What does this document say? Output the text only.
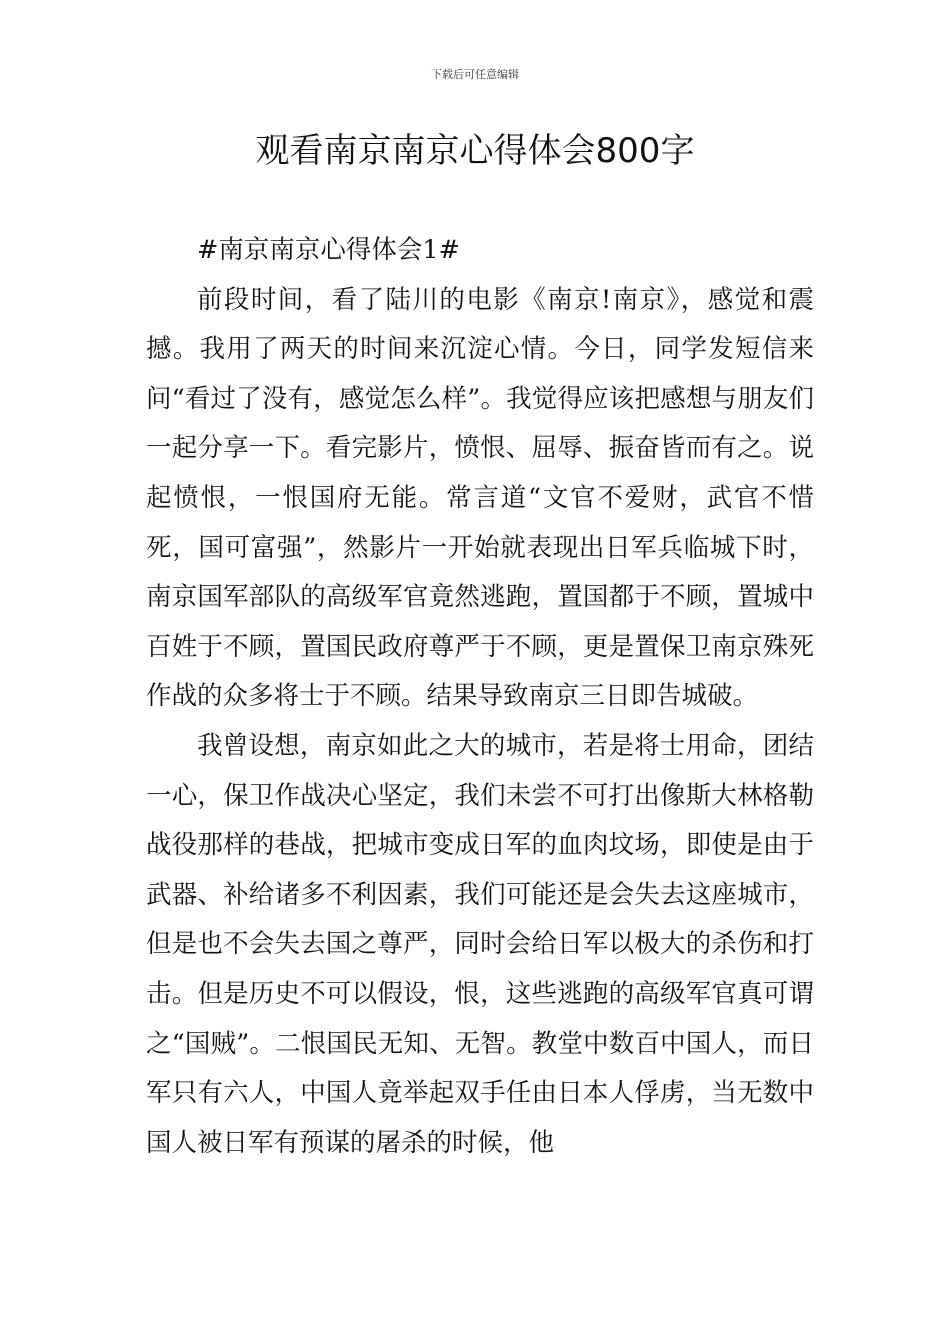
下载后可任意编辑
观看南京南京心得体会800字

#南京南京心得体会1#

前段时间，看了陆川的电影《南京!南京》，感觉和震撼。我用了两天的时间来沉淀心情。今日，同学发短信来问“看过了没有，感觉怎么样”。我觉得应该把感想与朋友们一起分享一下。看完影片，愤恨、屈辱、振奋皆而有之。说起愤恨，一恨国府无能。常言道“文官不爱财，武官不惜死，国可富强”，然影片一开始就表现出日军兵临城下时，南京国军部队的高级军官竟然逃跑，置国都于不顾，置城中百姓于不顾，置国民政府尊严于不顾，更是置保卫南京殊死作战的众多将士于不顾。结果导致南京三日即告城破。

我曾设想，南京如此之大的城市，若是将士用命，团结一心，保卫作战决心坚定，我们未尝不可打出像斯大林格勒战役那样的巷战，把城市变成日军的血肉坟场，即使是由于武器、补给诸多不利因素，我们可能还是会失去这座城市，但是也不会失去国之尊严，同时会给日军以极大的杀伤和打击。但是历史不可以假设，恨，这些逃跑的高级军官真可谓之“国贼”。二恨国民无知、无智。教堂中数百中国人，而日军只有六人，中国人竟举起双手任由日本人俘虏，当无数中国人被日军有预谋的屠杀的时候，他
